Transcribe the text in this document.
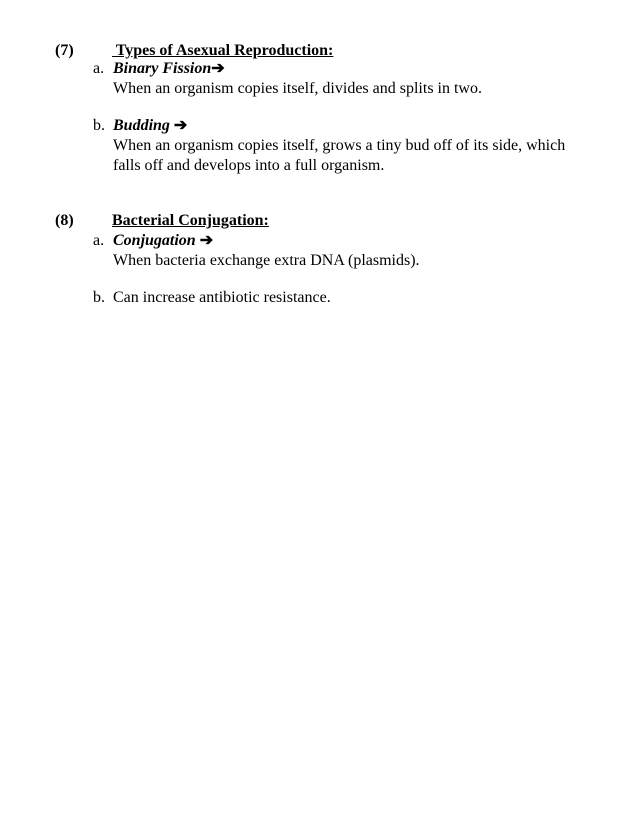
(7) Types of Asexual Reproduction:
a. Binary Fission➔
When an organism copies itself, divides and splits in two.
b. Budding ➔
When an organism copies itself, grows a tiny bud off of its side, which
falls off and develops into a full organism.
(8) Bacterial Conjugation:
a. Conjugation ➔
When bacteria exchange extra DNA (plasmids).
b. Can increase antibiotic resistance.
